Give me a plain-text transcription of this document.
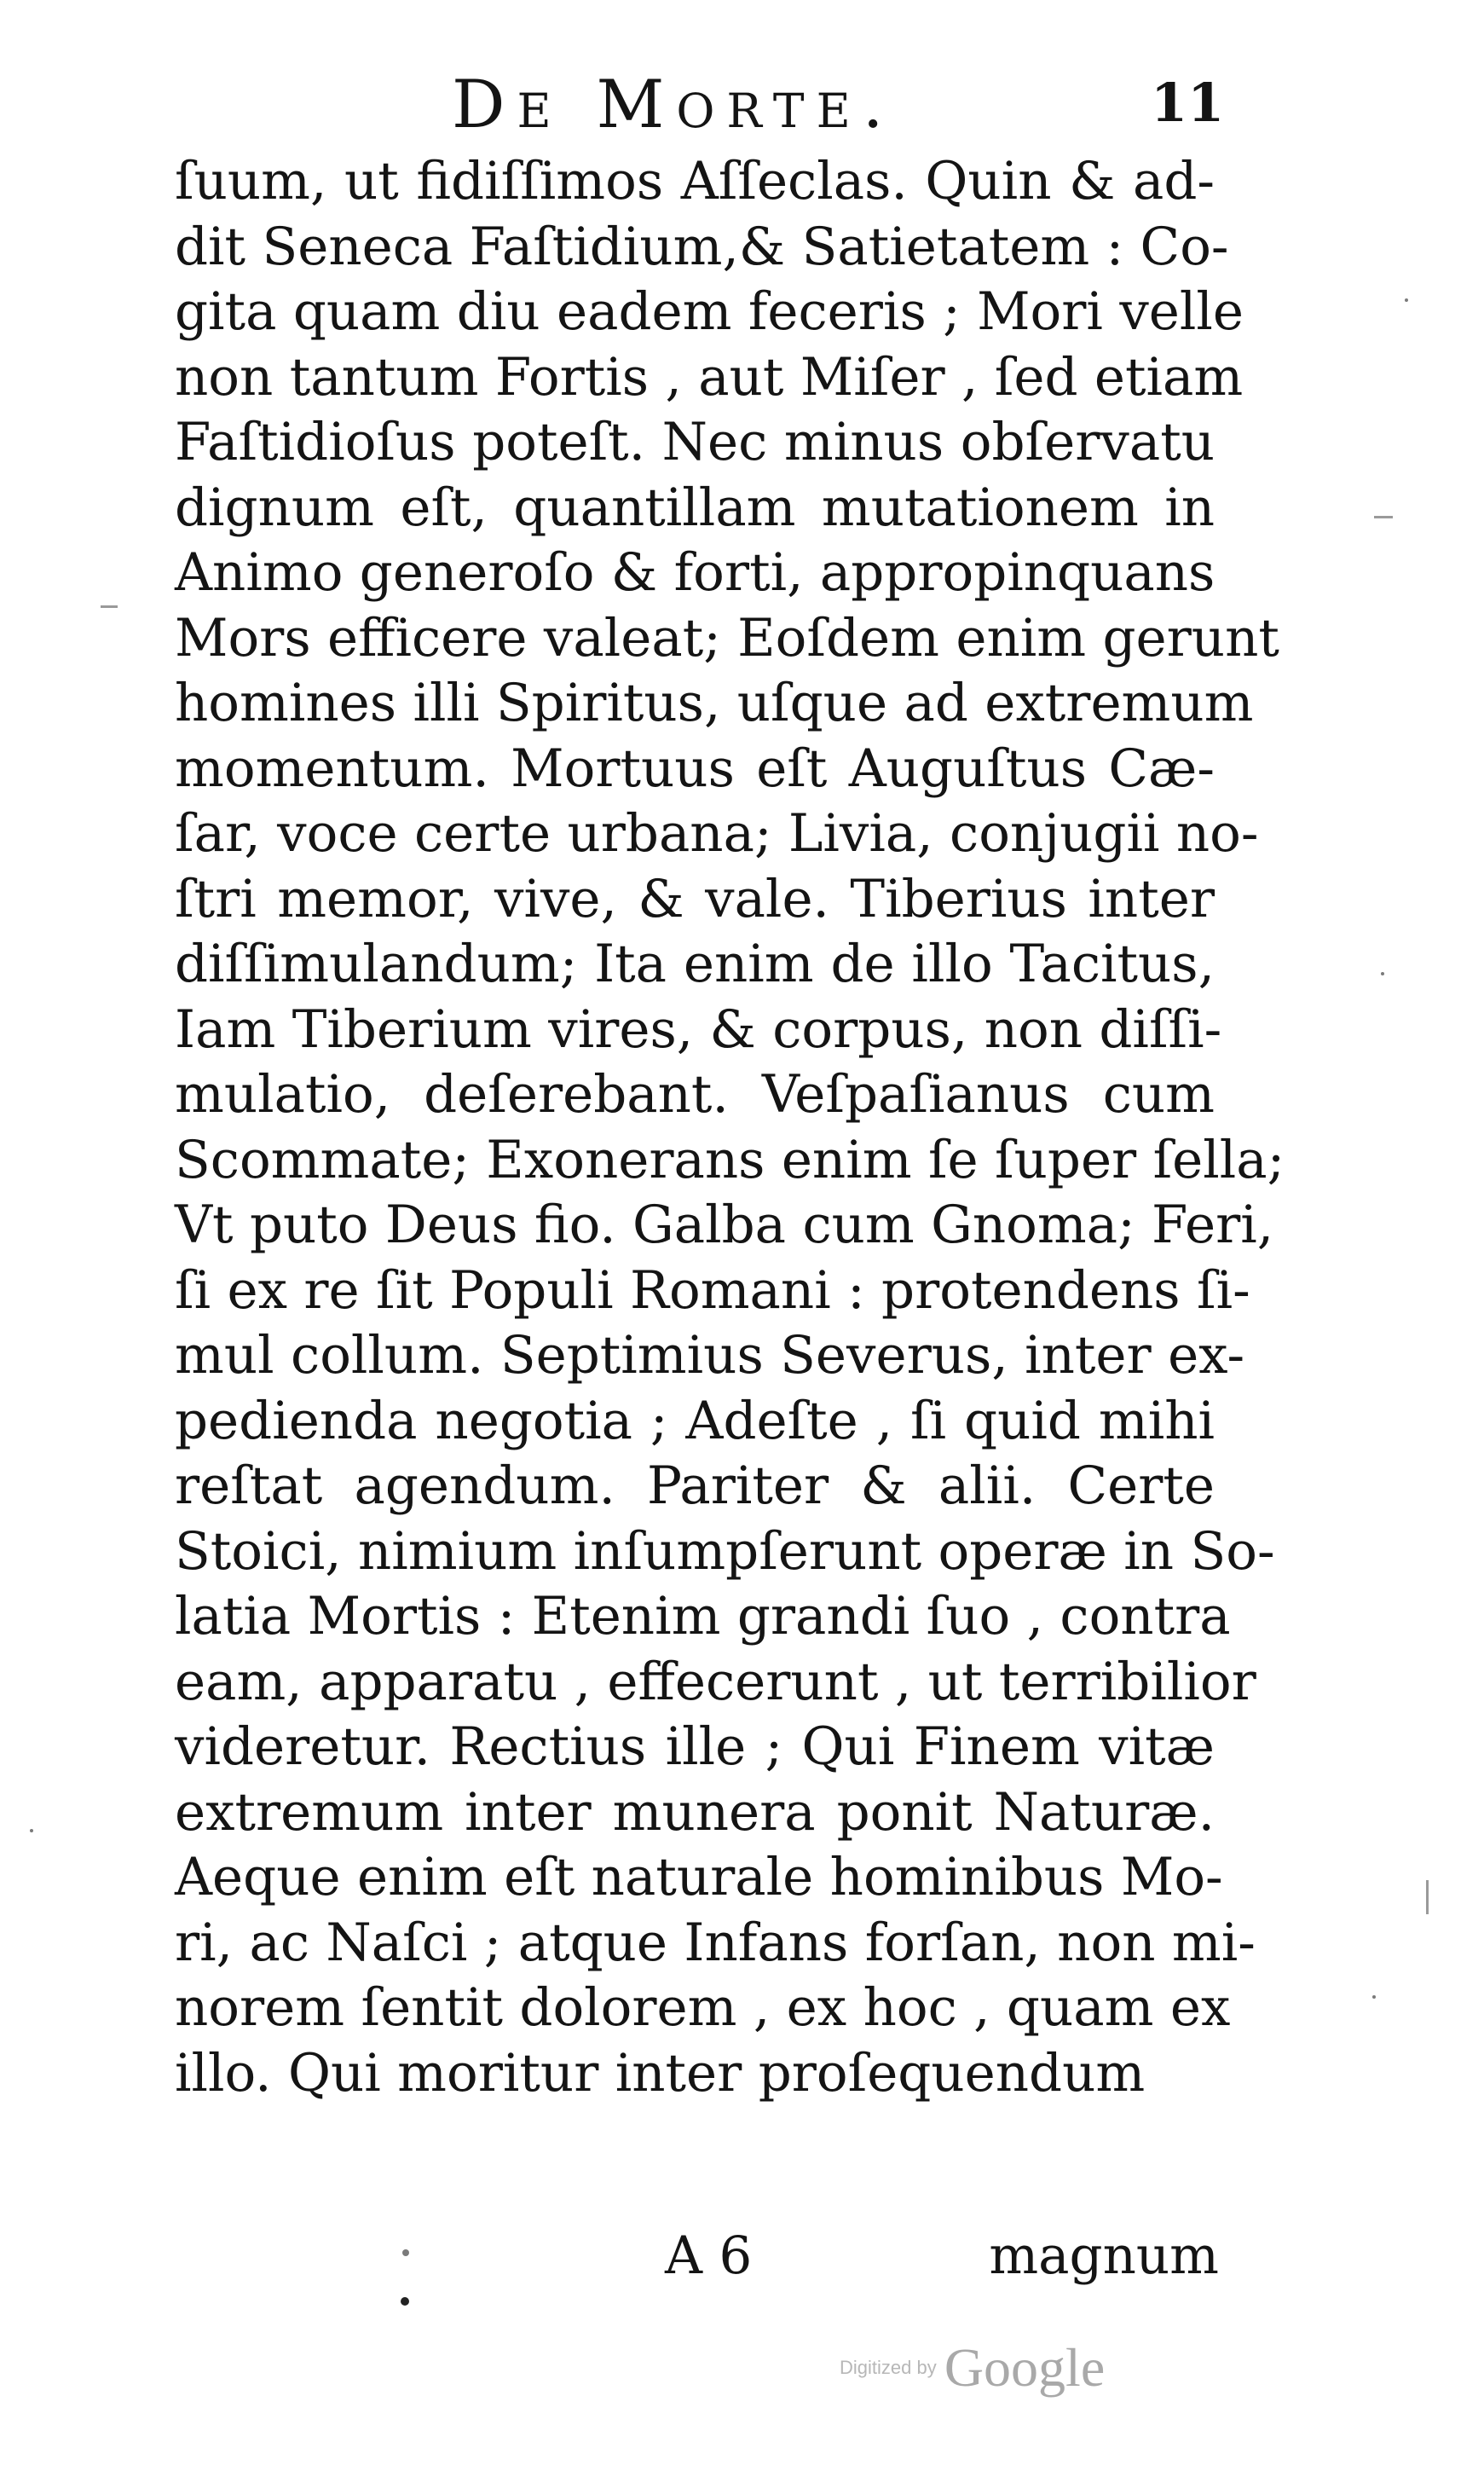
De Morte.	11
ſuum, ut fidiſſimos Aſſeclas. Quin & ad-
dit Seneca Faſtidium,& Satietatem : Co-
gita quam diu eadem feceris ; Mori velle
non tantum Fortis , aut Miſer , ſed etiam
Faſtidioſus poteſt. Nec minus obſervatu
dignum eſt, quantillam mutationem in
Animo generoſo & forti, appropinquans
Mors efficere valeat; Eoſdem enim gerunt
homines illi Spiritus, uſque ad extremum
momentum. Mortuus eſt Auguſtus Cæ-
ſar, voce certe urbana; Livia, conjugii no-
ſtri memor, vive, & vale. Tiberius inter
diſſimulandum; Ita enim de illo Tacitus,
Iam Tiberium vires, & corpus, non diſſi-
mulatio, deſerebant. Veſpaſianus cum
Scommate; Exonerans enim ſe ſuper ſella;
Vt puto Deus fio. Galba cum Gnoma; Feri,
ſi ex re ſit Populi Romani : protendens ſi-
mul collum. Septimius Severus, inter ex-
pedienda negotia ; Adeſte , ſi quid mihi
reſtat agendum. Pariter & alii. Certe
Stoici, nimium inſumpſerunt operæ in So-
latia Mortis : Etenim grandi ſuo , contra
eam, apparatu , effecerunt , ut terribilior
videretur. Rectius ille ; Qui Finem vitæ
extremum inter munera ponit Naturæ.
Aeque enim eſt naturale hominibus Mo-
ri, ac Naſci ; atque Infans forſan, non mi-
norem ſentit dolorem , ex hoc , quam ex
illo. Qui moritur inter proſequendum
A 6	magnum
Digitized by Google
